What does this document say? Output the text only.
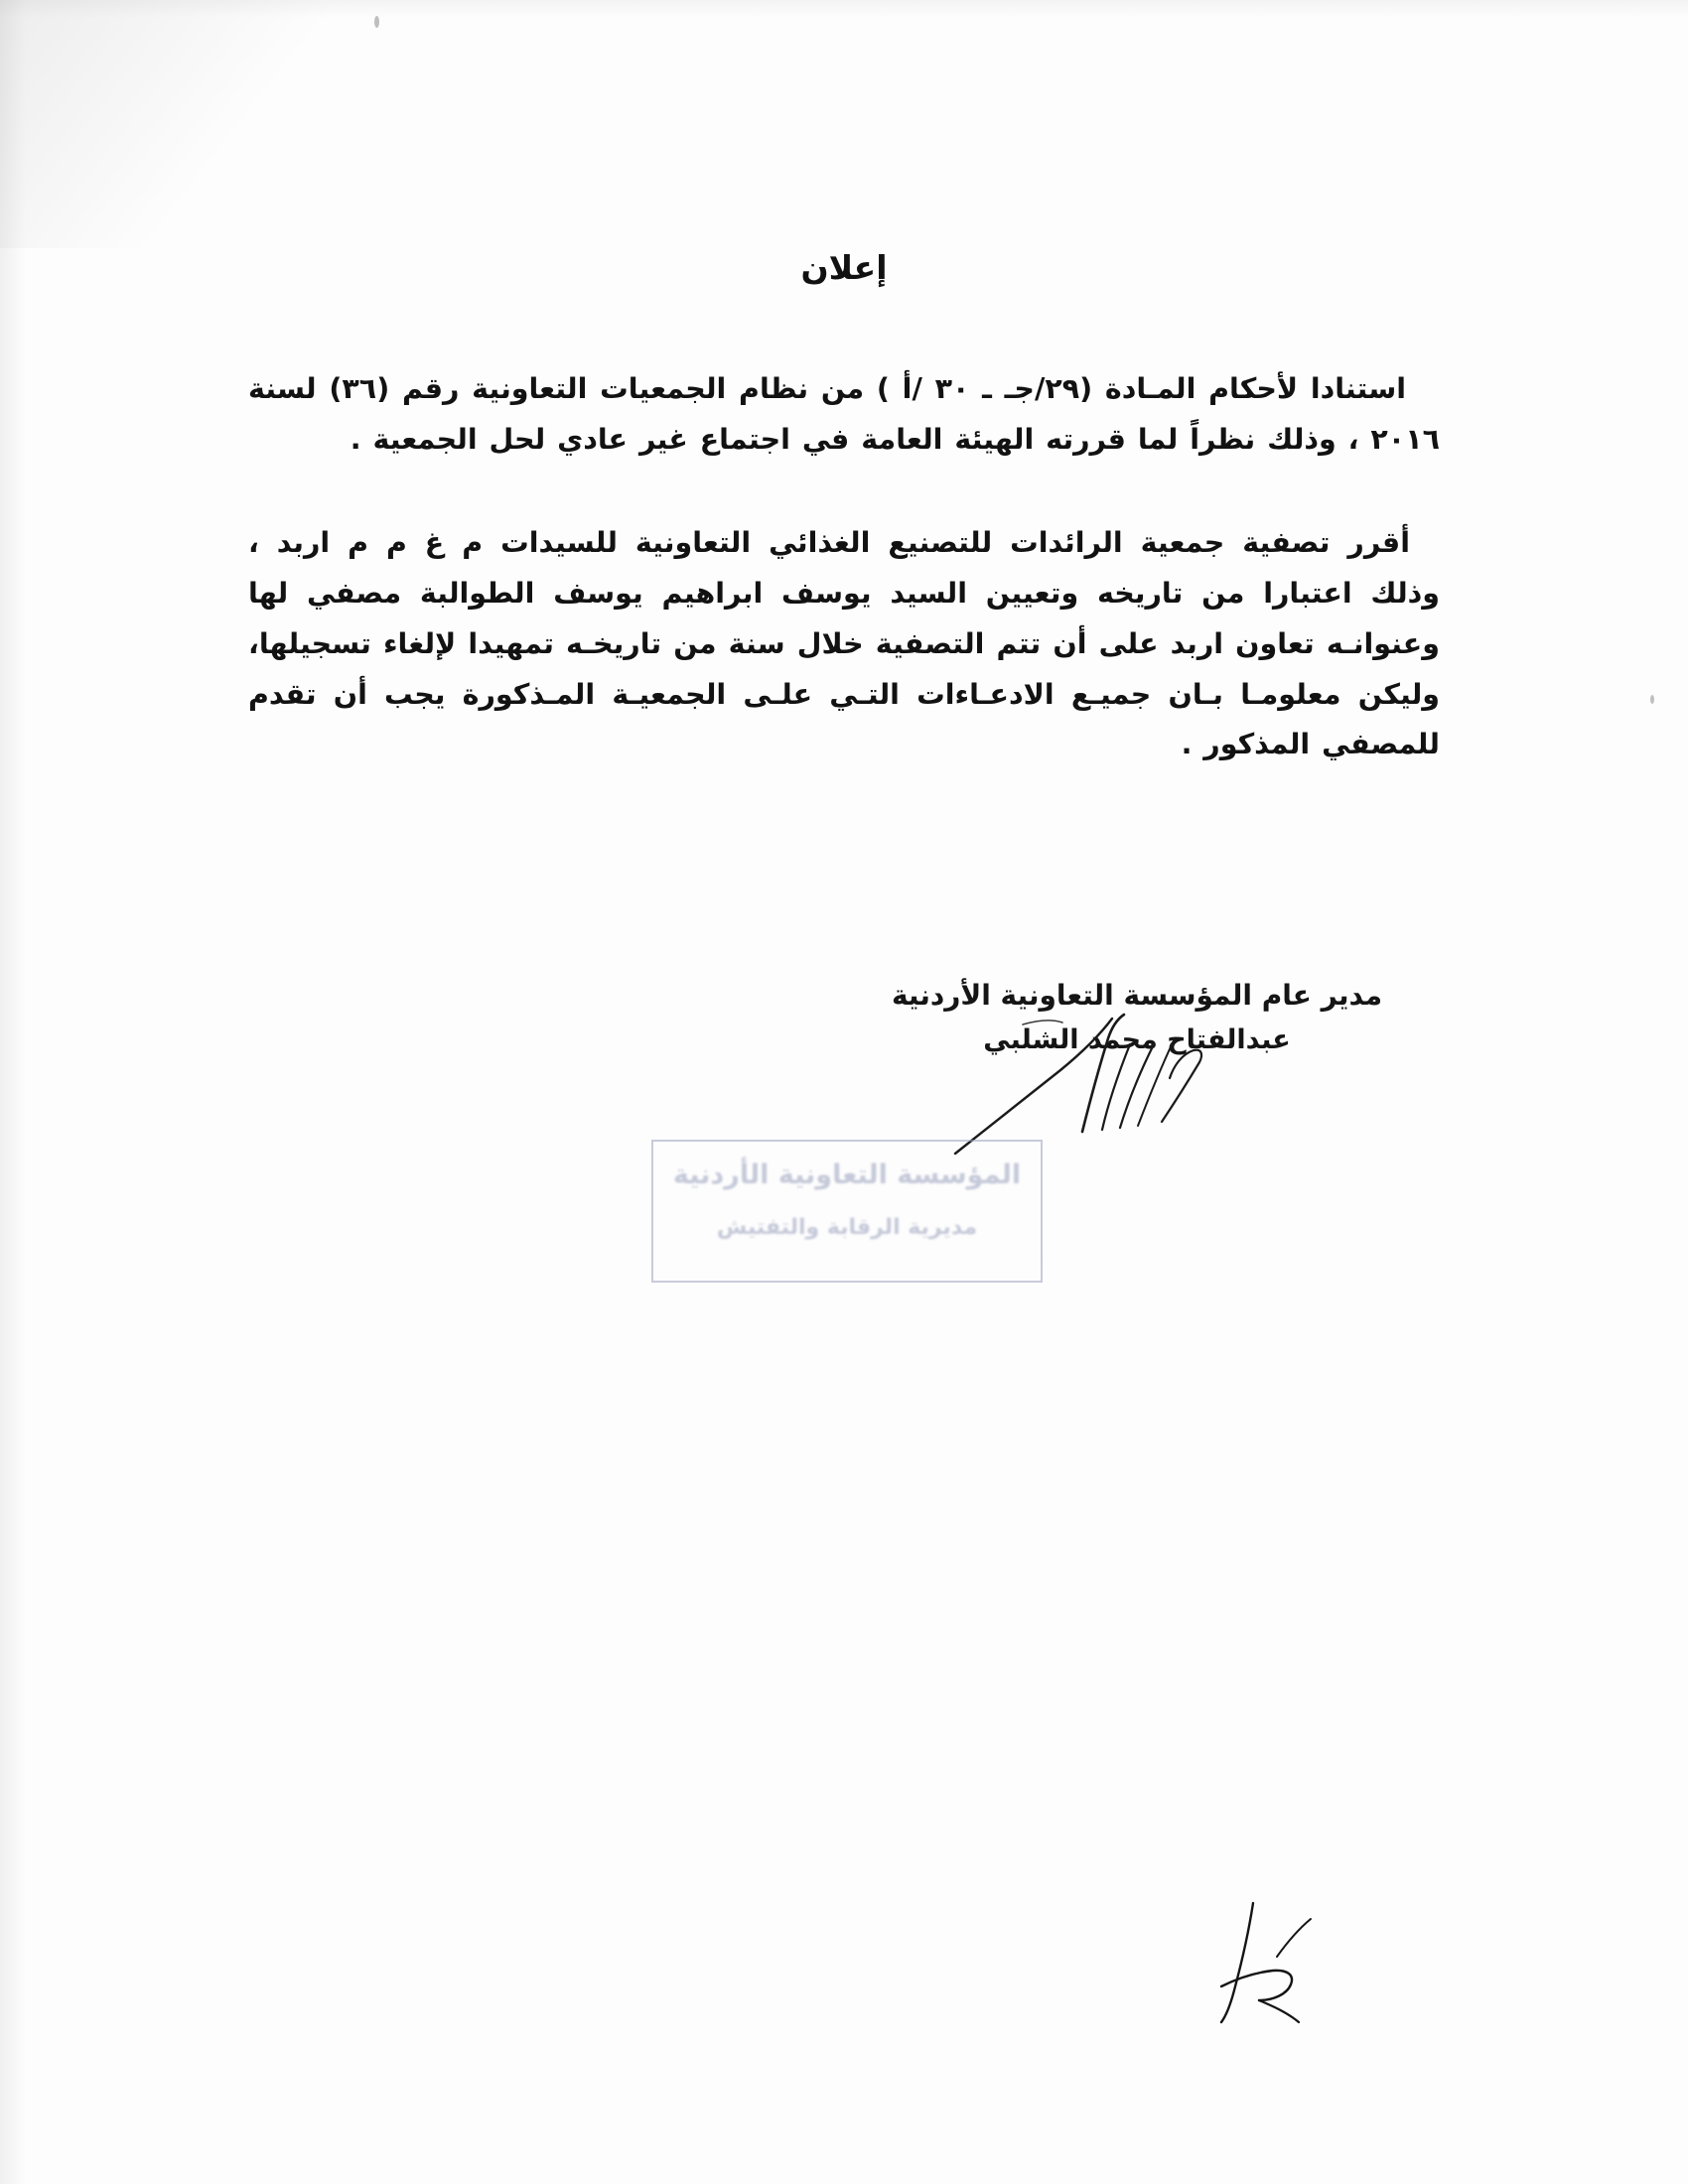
إعلان

استنادا لأحكام المـادة (٢٩/جـ ـ ٣٠ /أ ) من نظام الجمعيات التعاونية رقم (٣٦) لسنة ٢٠١٦ ، وذلك نظراً لما قررته الهيئة العامة في اجتماع غير عادي لحل الجمعية .

أقرر تصفية جمعية الرائدات للتصنيع الغذائي التعاونية للسيدات م غ م م اربد ، وذلك اعتبارا من تاريخه وتعيين السيد يوسف ابراهيم يوسف الطوالبة مصفي لها وعنوانـه تعاون اربد على أن تتم التصفية خلال سنة من تاريخـه تمهيدا لإلغاء تسجيلها، وليكن معلومـا بـان جميـع الادعـاءات التـي علـى الجمعيـة المـذكورة يجب أن تقدم للمصفي المذكور .

مدير عام المؤسسة التعاونية الأردنية
عبدالفتاح محمد الشلبي
المؤسسة التعاونية الأردنية
مديرية الرقابة والتفتيش
